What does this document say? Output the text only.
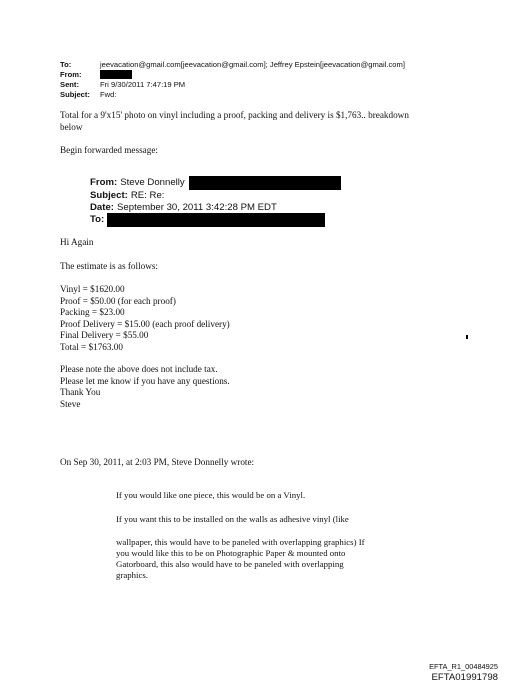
To:	jeevacation@gmail.com[jeevacation@gmail.com]; Jeffrey Epstein[jeevacation@gmail.com]
From:
Sent:	Fri 9/30/2011 7:47:19 PM
Subject:	Fwd:
Total for a 9'x15' photo on vinyl including a proof, packing and delivery is $1,763.. breakdown
below
Begin forwarded message:
From: Steve Donnelly
Subject: RE: Re:
Date: September 30, 2011 3:42:28 PM EDT
To:
Hi Again
The estimate is as follows:
Vinyl = $1620.00
Proof = $50.00 (for each proof)
Packing = $23.00
Proof Delivery = $15.00 (each proof delivery)
Final Delivery = $55.00
Total = $1763.00
Please note the above does not include tax.
Please let me know if you have any questions.
Thank You
Steve
On Sep 30, 2011, at 2:03 PM, Steve Donnelly wrote:
If you would like one piece, this would be on a Vinyl.
If you want this to be installed on the walls as adhesive vinyl (like
wallpaper, this would have to be paneled with overlapping graphics) If
you would like this to be on Photographic Paper & mounted onto
Gatorboard, this also would have to be paneled with overlapping
graphics.
EFTA_R1_00484925
EFTA01991798
